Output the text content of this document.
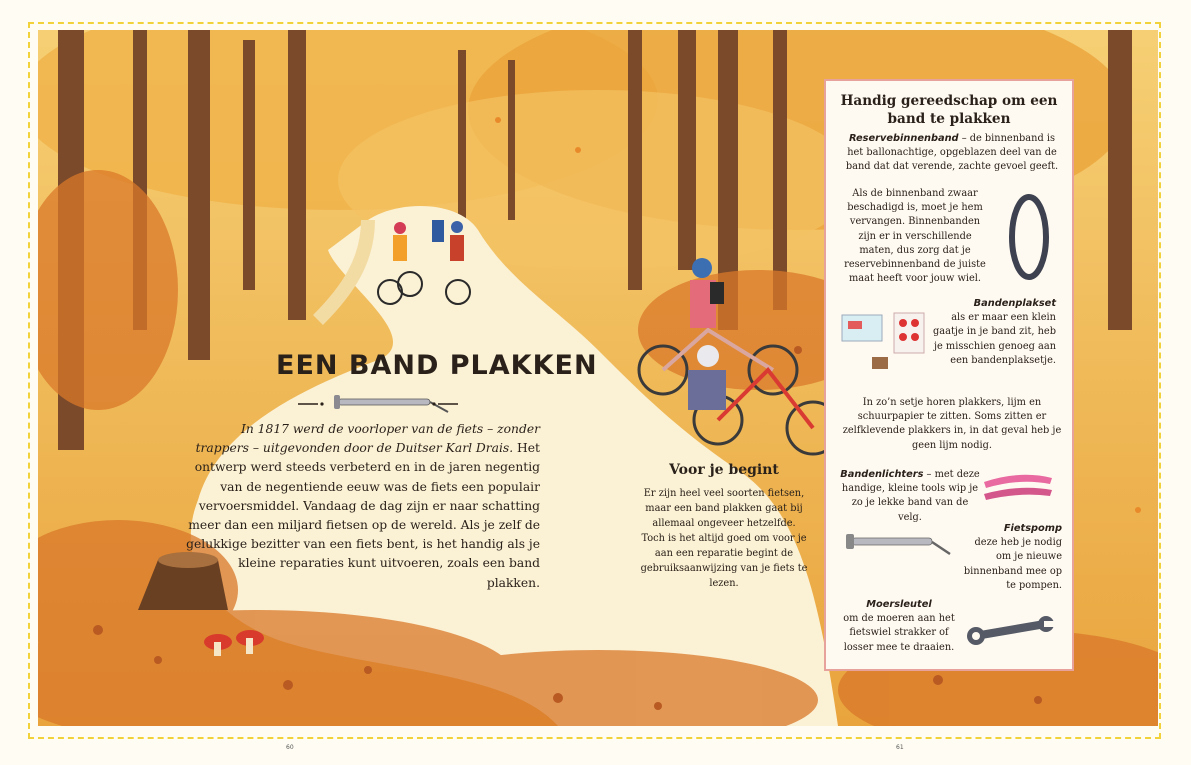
EEN BAND PLAKKEN

In 1817 werd de voorloper van de fiets – zonder trappers – uitgevonden door de Duitser Karl Drais. Het ontwerp werd steeds verbeterd en in de jaren negentig van de negentiende eeuw was de fiets een populair vervoersmiddel. Vandaag de dag zijn er naar schatting meer dan een miljard fietsen op de wereld. Als je zelf de gelukkige bezitter van een fiets bent, is het handig als je kleine reparaties kunt uitvoeren, zoals een band plakken.

Voor je begint

Er zijn heel veel soorten fietsen, maar een band plakken gaat bij allemaal ongeveer hetzelfde. Toch is het altijd goed om voor je aan een reparatie begint de gebruiksaanwijzing van je fiets te lezen.

Handig gereedschap om een band te plakken

Reservebinnenband – de binnenband is het ballonachtige, opgeblazen deel van de band dat dat verende, zachte gevoel geeft.

Als de binnenband zwaar beschadigd is, moet je hem vervangen. Binnenbanden zijn er in verschillende maten, dus zorg dat je reservebinnenband de juiste maat heeft voor jouw wiel.

Bandenplakset
als er maar een klein gaatje in je band zit, heb je misschien genoeg aan een bandenplaksetje.

In zo’n setje horen plakkers, lijm en schuurpapier te zitten. Soms zitten er zelfklevende plakkers in, in dat geval heb je geen lijm nodig.

Bandenlichters – met deze handige, kleine tools wip je zo je lekke band van de velg.

Fietspomp
deze heb je nodig om je nieuwe binnenband mee op te pompen.

Moersleutel
om de moeren aan het fietswiel strakker of losser mee te draaien.

60	61
